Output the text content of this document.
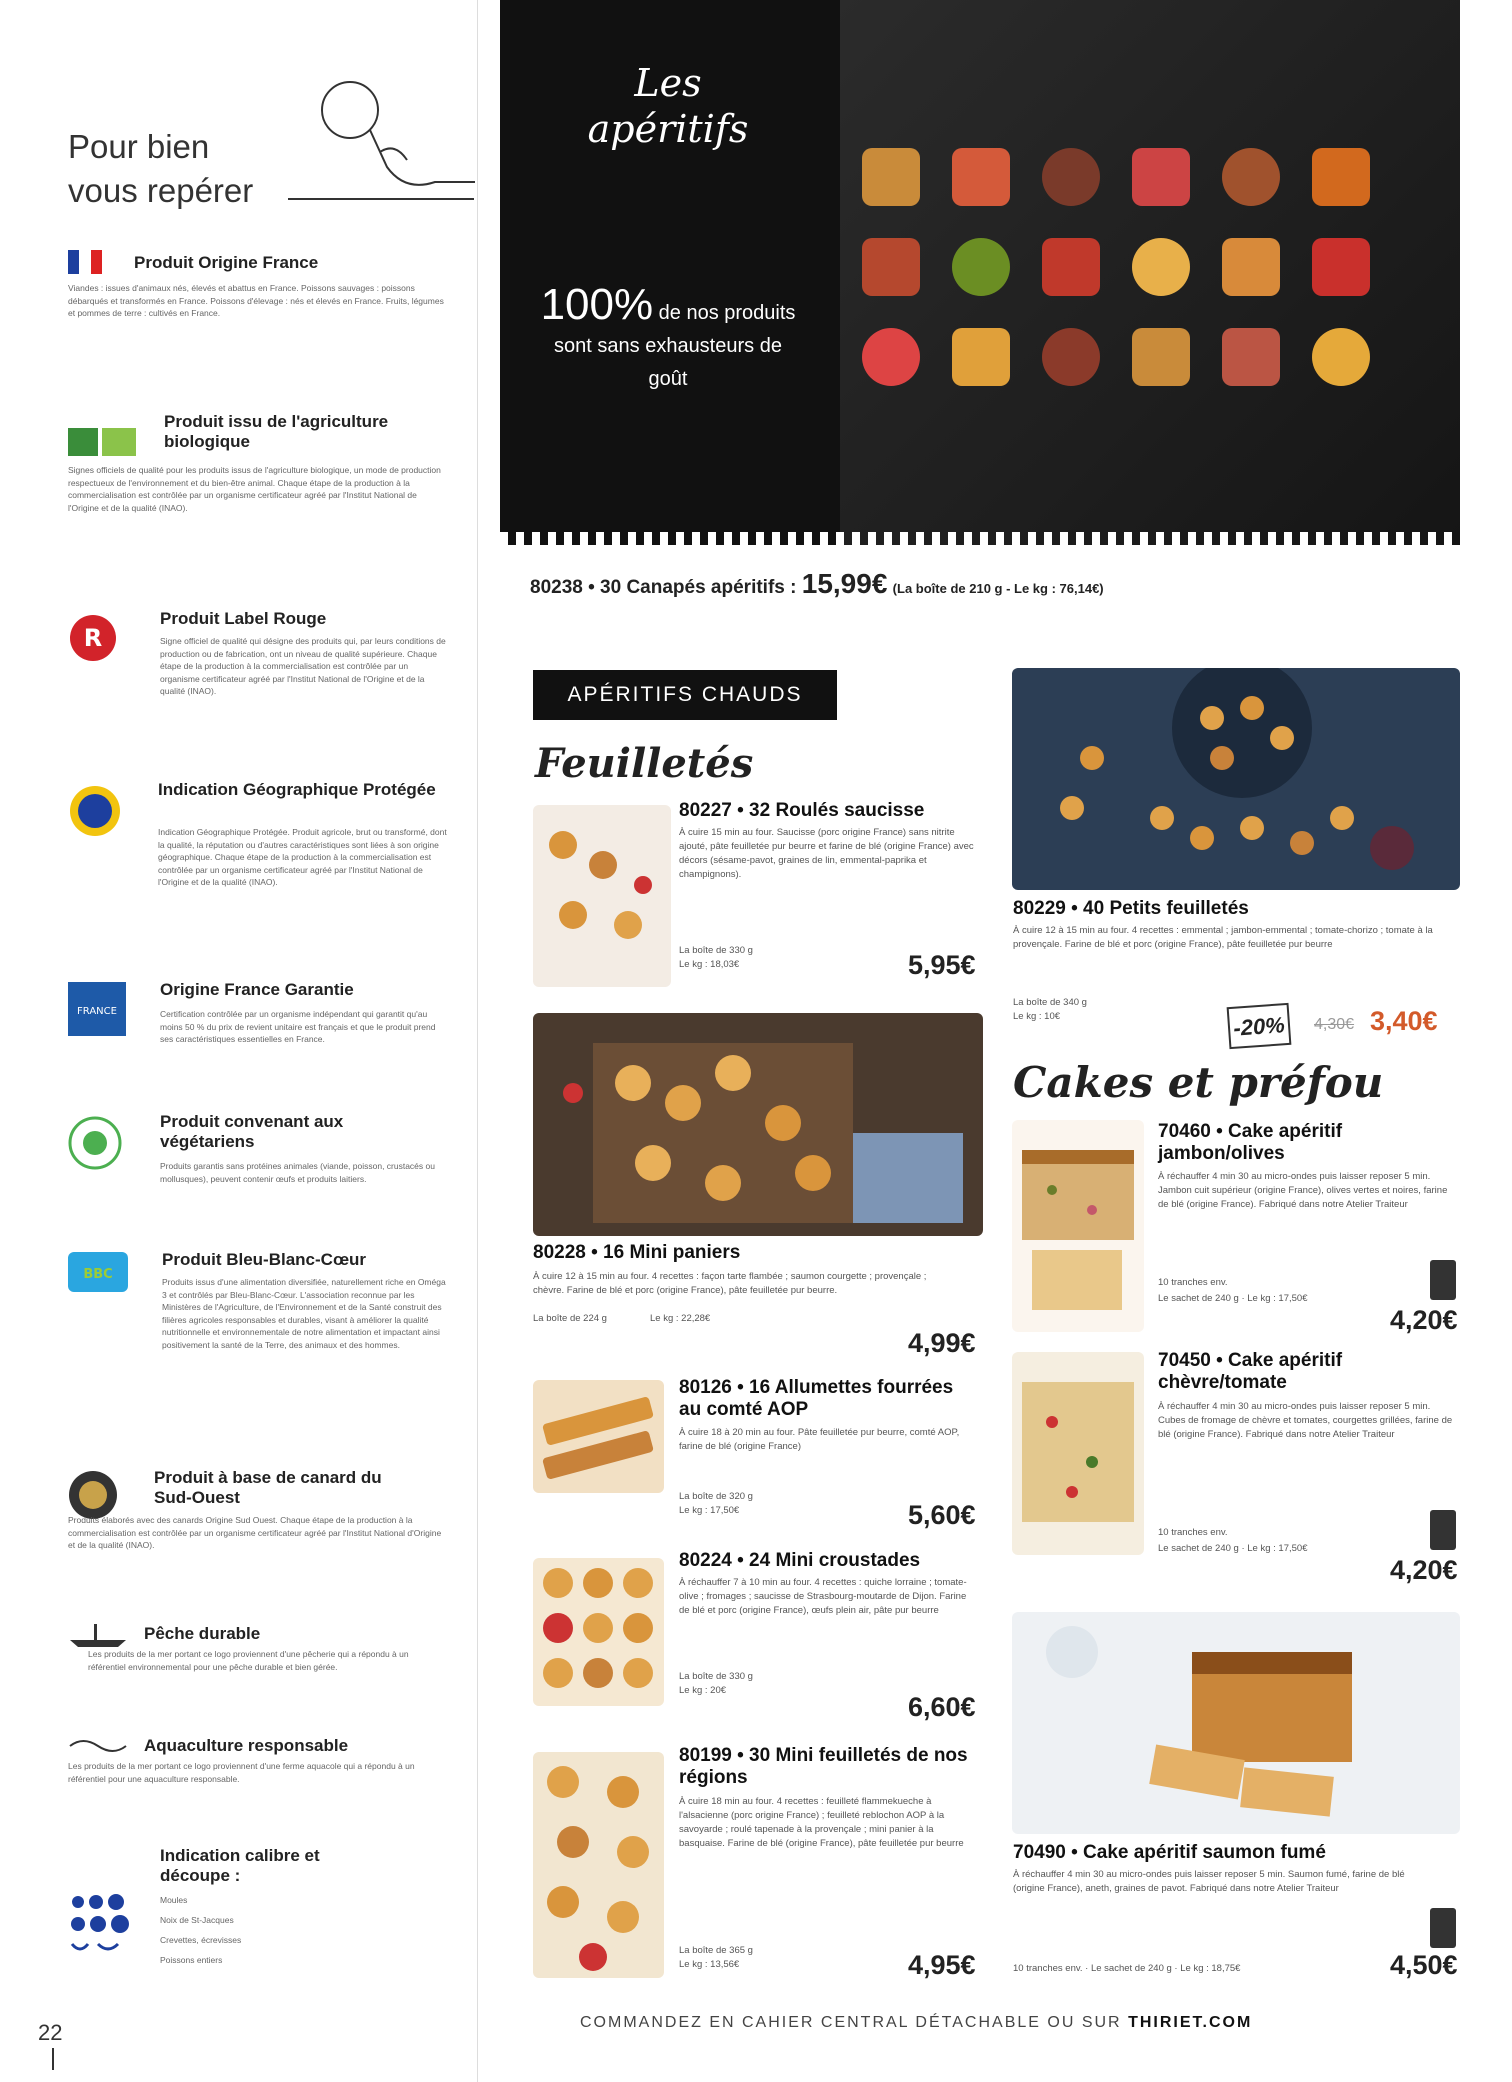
Pour bien
vous repérer
Produit Origine France
Viandes : issues d'animaux nés, élevés et abattus en France. Poissons sauvages : poissons débarqués et transformés en France. Poissons d'élevage : nés et élevés en France. Fruits, légumes et pommes de terre : cultivés en France.
Produit issu de l'agriculture biologique
Signes officiels de qualité pour les produits issus de l'agriculture biologique, un mode de production respectueux de l'environnement et du bien-être animal. Chaque étape de la production à la commercialisation est contrôlée par un organisme certificateur agréé par l'Institut National de l'Origine et de la qualité (INAO).
R
Produit Label Rouge
Signe officiel de qualité qui désigne des produits qui, par leurs conditions de production ou de fabrication, ont un niveau de qualité supérieure. Chaque étape de la production à la commercialisation est contrôlée par un organisme certificateur agréé par l'Institut National de l'Origine et de la qualité (INAO).
Indication Géographique Protégée
Indication Géographique Protégée. Produit agricole, brut ou transformé, dont la qualité, la réputation ou d'autres caractéristiques sont liées à son origine géographique. Chaque étape de la production à la commercialisation est contrôlée par un organisme certificateur agréé par l'Institut National de l'Origine et de la qualité (INAO).
FRANCE
Origine France Garantie
Certification contrôlée par un organisme indépendant qui garantit qu'au moins 50 % du prix de revient unitaire est français et que le produit prend ses caractéristiques essentielles en France.
Produit convenant aux végétariens
Produits garantis sans protéines animales (viande, poisson, crustacés ou mollusques), peuvent contenir œufs et produits laitiers.
BBC
Produit Bleu-Blanc-Cœur
Produits issus d'une alimentation diversifiée, naturellement riche en Oméga 3 et contrôlés par Bleu-Blanc-Cœur. L'association reconnue par les Ministères de l'Agriculture, de l'Environnement et de la Santé construit des filières agricoles responsables et durables, visant à améliorer la qualité nutritionnelle et environnementale de notre alimentation et impactant ainsi positivement la santé de la Terre, des animaux et des hommes.
Produit à base de canard du Sud-Ouest
Produits élaborés avec des canards Origine Sud Ouest. Chaque étape de la production à la commercialisation est contrôlée par un organisme certificateur agréé par l'Institut National d'Origine et de la qualité (INAO).
Pêche durable
Les produits de la mer portant ce logo proviennent d'une pêcherie qui a répondu à un référentiel environnemental pour une pêche durable et bien gérée.
Aquaculture responsable
Les produits de la mer portant ce logo proviennent d'une ferme aquacole qui a répondu à un référentiel pour une aquaculture responsable.
Indication calibre et découpe :
Moules
Noix de St-Jacques
Crevettes, écrevisses
Poissons entiers
22
Les apéritifs
100% de nos produits sont sans exhausteurs de goût
80238 • 30 Canapés apéritifs : 15,99€ (La boîte de 210 g - Le kg : 76,14€)
APÉRITIFS CHAUDS
Feuilletés
80227 • 32 Roulés saucisse
À cuire 15 min au four. Saucisse (porc origine France) sans nitrite ajouté, pâte feuilletée pur beurre et farine de blé (origine France) avec décors (sésame-pavot, graines de lin, emmental-paprika et champignons).
La boîte de 330 g
Le kg : 18,03€	5,95€
80228 • 16 Mini paniers
À cuire 12 à 15 min au four. 4 recettes : façon tarte flambée ; saumon courgette ; provençale ; chèvre. Farine de blé et porc (origine France), pâte feuilletée pur beurre.
La boîte de 224 g	Le kg : 22,28€
4,99€
80126 • 16 Allumettes fourrées au comté AOP
À cuire 18 à 20 min au four. Pâte feuilletée pur beurre, comté AOP, farine de blé (origine France)
La boîte de 320 g
Le kg : 17,50€	5,60€
80224 • 24 Mini croustades
À réchauffer 7 à 10 min au four. 4 recettes : quiche lorraine ; tomate-olive ; fromages ; saucisse de Strasbourg-moutarde de Dijon. Farine de blé et porc (origine France), œufs plein air, pâte pur beurre
La boîte de 330 g
Le kg : 20€
6,60€
80199 • 30 Mini feuilletés de nos régions
À cuire 18 min au four. 4 recettes : feuilleté flammekueche à l'alsacienne (porc origine France) ; feuilleté reblochon AOP à la savoyarde ; roulé tapenade à la provençale ; mini panier à la basquaise. Farine de blé (origine France), pâte feuilletée pur beurre
La boîte de 365 g
Le kg : 13,56€	4,95€
80229 • 40 Petits feuilletés
À cuire 12 à 15 min au four. 4 recettes : emmental ; jambon-emmental ; tomate-chorizo ; tomate à la provençale. Farine de blé et porc (origine France), pâte feuilletée pur beurre
La boîte de 340 g
Le kg : 10€	-20%	4,30€ 3,40€
Cakes et préfou
70460 • Cake apéritif jambon/olives
À réchauffer 4 min 30 au micro-ondes puis laisser reposer 5 min. Jambon cuit supérieur (origine France), olives vertes et noires, farine de blé (origine France). Fabriqué dans notre Atelier Traiteur
10 tranches env.
Le sachet de 240 g · Le kg : 17,50€
4,20€
70450 • Cake apéritif chèvre/tomate
À réchauffer 4 min 30 au micro-ondes puis laisser reposer 5 min. Cubes de fromage de chèvre et tomates, courgettes grillées, farine de blé (origine France). Fabriqué dans notre Atelier Traiteur
10 tranches env.
Le sachet de 240 g · Le kg : 17,50€
4,20€
70490 • Cake apéritif saumon fumé
À réchauffer 4 min 30 au micro-ondes puis laisser reposer 5 min. Saumon fumé, farine de blé (origine France), aneth, graines de pavot. Fabriqué dans notre Atelier Traiteur
10 tranches env. · Le sachet de 240 g · Le kg : 18,75€	4,50€
COMMANDEZ EN CAHIER CENTRAL DÉTACHABLE OU SUR THIRIET.COM
